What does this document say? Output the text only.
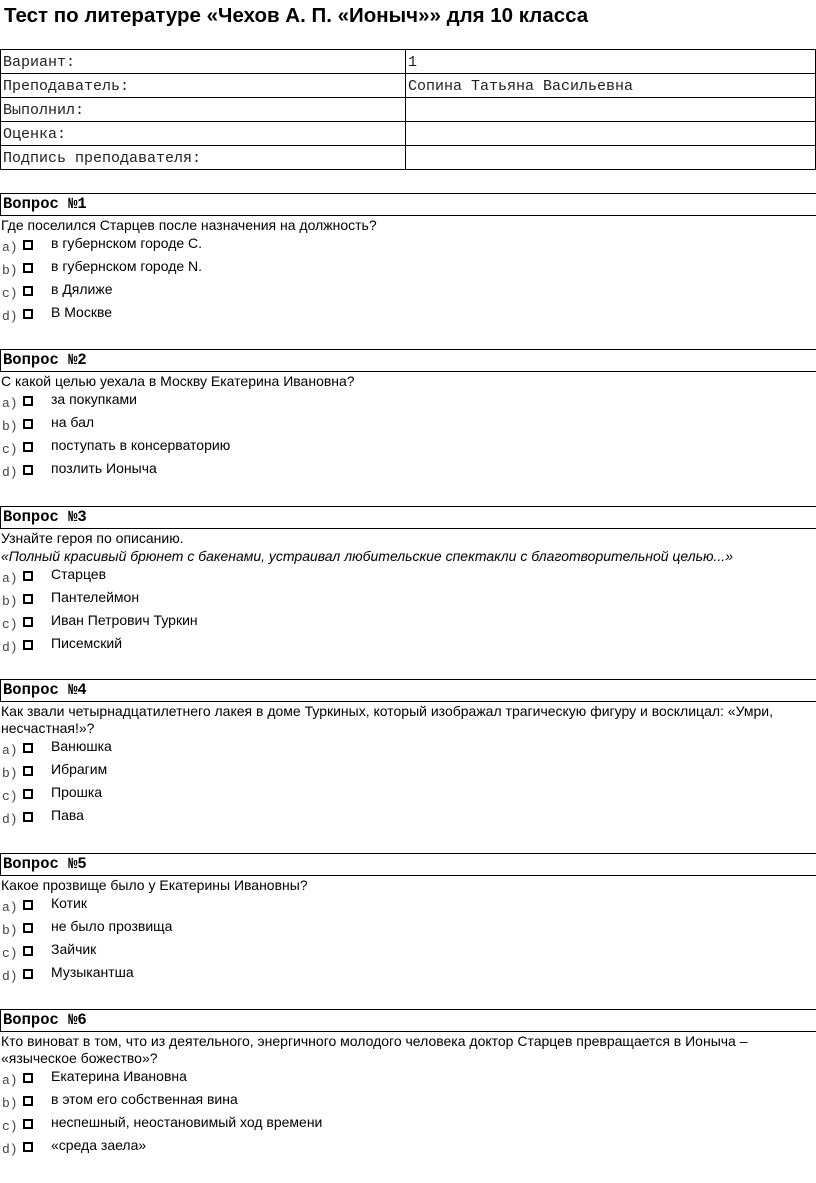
Тест по литературе «Чехов А. П. «Ионыч»» для 10 класса
Вариант:	1
Преподаватель:	Сопина Татьяна Васильевна
Выполнил:	
Оценка:	
Подпись преподавателя:	
Вопрос №1
Где поселился Старцев после назначения на должность?
a) в губернском городе С.
b) в губернском городе N.
c) в Дялиже
d) В Москве
Вопрос №2
С какой целью уехала в Москву Екатерина Ивановна?
a) за покупками
b) на бал
c) поступать в консерваторию
d) позлить Ионыча
Вопрос №3
Узнайте героя по описанию.
«Полный красивый брюнет с бакенами, устраивал любительские спектакли с благотворительной целью...»
a) Старцев
b) Пантелеймон
c) Иван Петрович Туркин
d) Писемский
Вопрос №4
Как звали четырнадцатилетнего лакея в доме Туркиных, который изображал трагическую фигуру и восклицал: «Умри, несчастная!»?
a) Ванюшка
b) Ибрагим
c) Прошка
d) Пава
Вопрос №5
Какое прозвище было у Екатерины Ивановны?
a) Котик
b) не было прозвища
c) Зайчик
d) Музыкантша
Вопрос №6
Кто виноват в том, что из деятельного, энергичного молодого человека доктор Старцев превращается в Ионыча – «языческое божество»?
a) Екатерина Ивановна
b) в этом его собственная вина
c) неспешный, неостановимый ход времени
d) «среда заела»
